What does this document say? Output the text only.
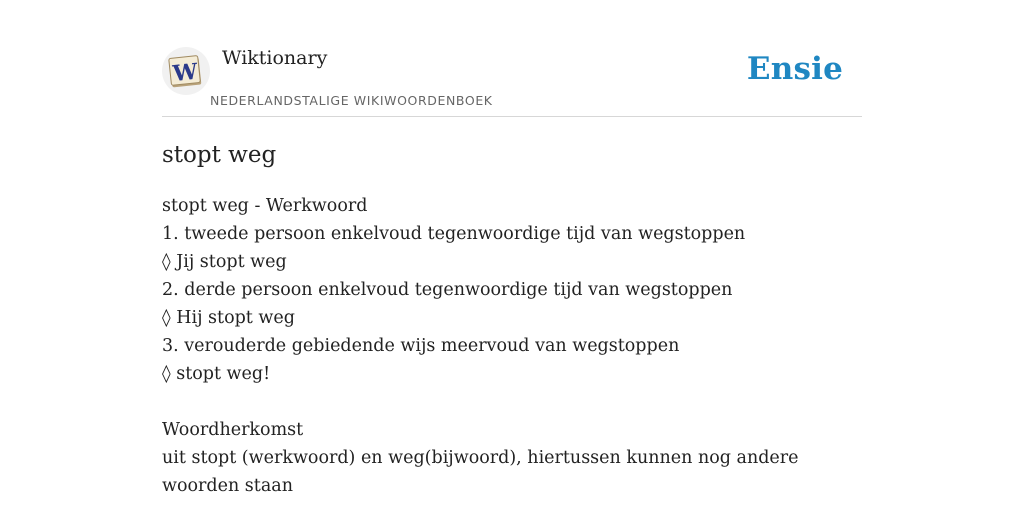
W
Wiktionary
NEDERLANDSTALIGE WIKIWOORDENBOEK
Ensie
stopt weg
stopt weg - Werkwoord
1. tweede persoon enkelvoud tegenwoordige tijd van wegstoppen
◊ Jij stopt weg
2. derde persoon enkelvoud tegenwoordige tijd van wegstoppen
◊ Hij stopt weg
3. verouderde gebiedende wijs meervoud van wegstoppen
◊ stopt weg!
Woordherkomst
uit stopt (werkwoord) en weg(bijwoord), hiertussen kunnen nog andere woorden staan
